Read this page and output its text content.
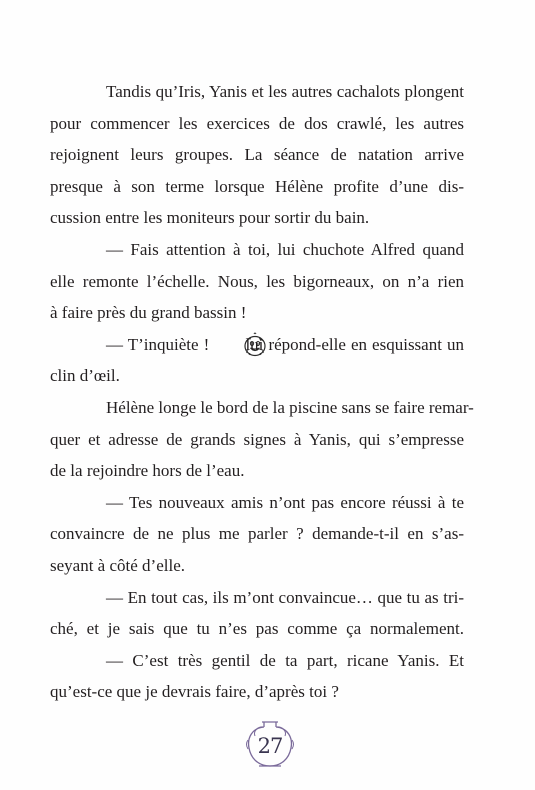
Tandis qu’Iris, Yanis et les autres cachalots plongent
pour commencer les exercices de dos crawlé, les autres
rejoignent leurs groupes. La séance de natation arrive
presque à son terme lorsque Hélène profite d’une dis-
cussion entre les moniteurs pour sortir du bain.

— Fais attention à toi, lui chuchote Alfred quand
elle remonte l’échelle. Nous, les bigorneaux, on n’a rien
à faire près du grand bassin !

— T’inquiète ! lui répond-elle en esquissant un
clin d’œil.

Hélène longe le bord de la piscine sans se faire remar-
quer et adresse de grands signes à Yanis, qui s’empresse
de la rejoindre hors de l’eau.

— Tes nouveaux amis n’ont pas encore réussi à te
convaincre de ne plus me parler ? demande-t-il en s’as-
seyant à côté d’elle.

— En tout cas, ils m’ont convaincue… que tu as tri-
ché, et je sais que tu n’es pas comme ça normalement.

— C’est très gentil de ta part, ricane Yanis. Et
qu’est-ce que je devrais faire, d’après toi ?

27
